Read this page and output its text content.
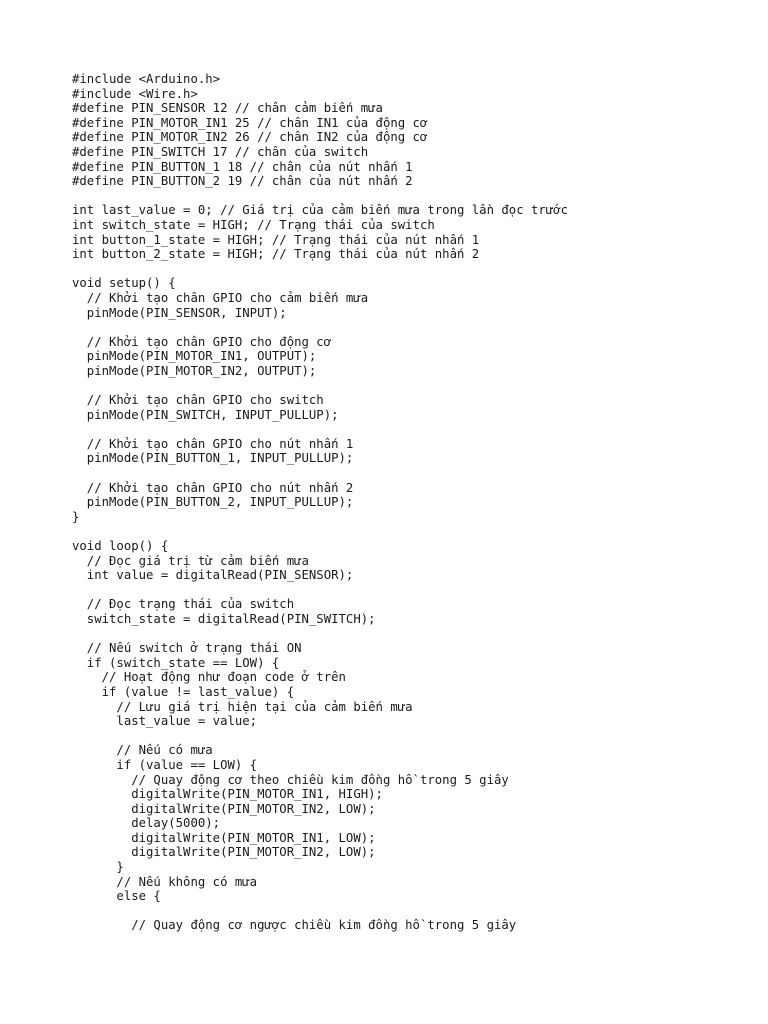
#include <Arduino.h>
#include <Wire.h>
#define PIN_SENSOR 12 // chân cảm biến mưa
#define PIN_MOTOR_IN1 25 // chân IN1 của động cơ
#define PIN_MOTOR_IN2 26 // chân IN2 của động cơ
#define PIN_SWITCH 17 // chân của switch
#define PIN_BUTTON_1 18 // chân của nút nhấn 1
#define PIN_BUTTON_2 19 // chân của nút nhấn 2
int last_value = 0; // Giá trị của cảm biến mưa trong lần đọc trước
int switch_state = HIGH; // Trạng thái của switch
int button_1_state = HIGH; // Trạng thái của nút nhấn 1
int button_2_state = HIGH; // Trạng thái của nút nhấn 2
void setup() {
// Khởi tạo chân GPIO cho cảm biến mưa
pinMode(PIN_SENSOR, INPUT);
// Khởi tạo chân GPIO cho động cơ
pinMode(PIN_MOTOR_IN1, OUTPUT);
pinMode(PIN_MOTOR_IN2, OUTPUT);
// Khởi tạo chân GPIO cho switch
pinMode(PIN_SWITCH, INPUT_PULLUP);
// Khởi tạo chân GPIO cho nút nhấn 1
pinMode(PIN_BUTTON_1, INPUT_PULLUP);
// Khởi tạo chân GPIO cho nút nhấn 2
pinMode(PIN_BUTTON_2, INPUT_PULLUP);
}
void loop() {
// Đọc giá trị từ cảm biến mưa
int value = digitalRead(PIN_SENSOR);
// Đọc trạng thái của switch
switch_state = digitalRead(PIN_SWITCH);
// Nếu switch ở trạng thái ON
if (switch_state == LOW) {
// Hoạt động như đoạn code ở trên
if (value != last_value) {
// Lưu giá trị hiện tại của cảm biến mưa
last_value = value;
// Nếu có mưa
if (value == LOW) {
// Quay động cơ theo chiều kim đồng hồ trong 5 giây
digitalWrite(PIN_MOTOR_IN1, HIGH);
digitalWrite(PIN_MOTOR_IN2, LOW);
delay(5000);
digitalWrite(PIN_MOTOR_IN1, LOW);
digitalWrite(PIN_MOTOR_IN2, LOW);
}
// Nếu không có mưa
else {
// Quay động cơ ngược chiều kim đồng hồ trong 5 giây
